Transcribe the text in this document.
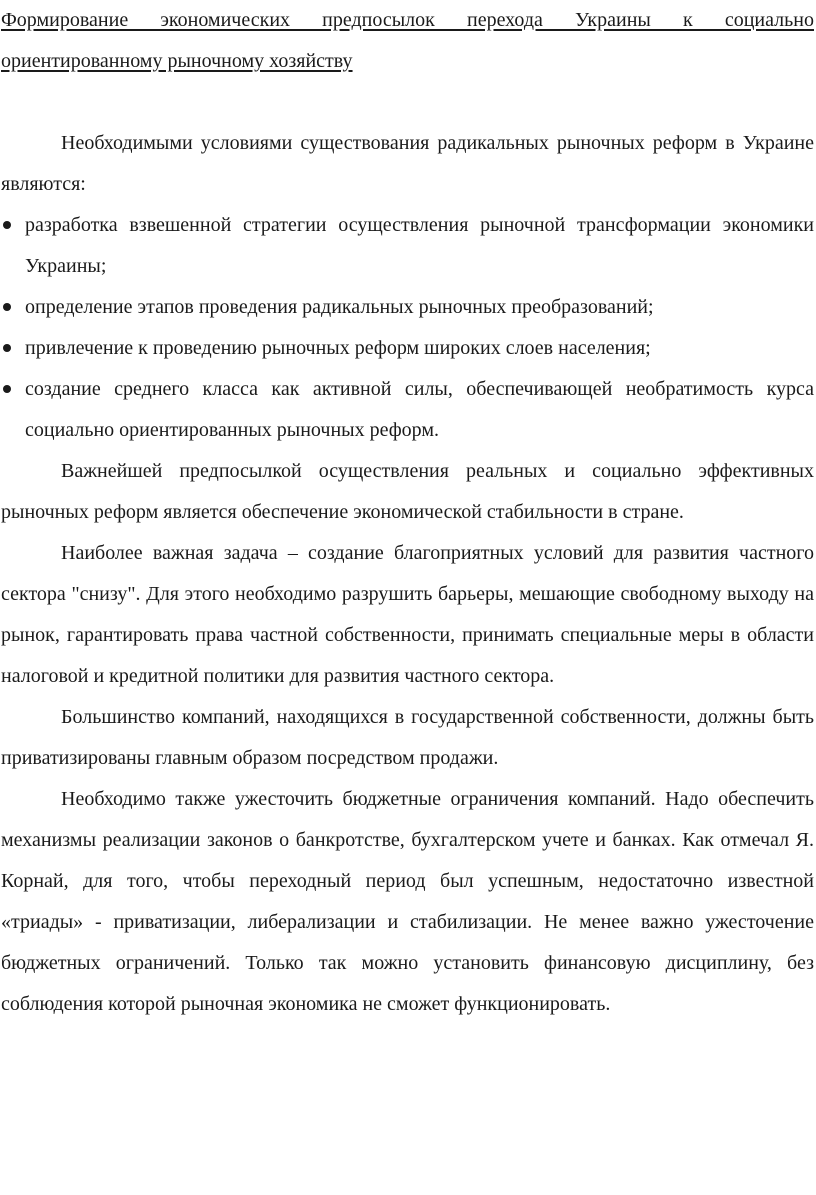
Формирование экономических предпосылок перехода Украины к социально ориентированному рыночному хозяйству

Необходимыми условиями существования радикальных рыночных реформ в Украине являются:

разработка взвешенной стратегии осуществления рыночной трансформации экономики Украины;
определение этапов проведения радикальных рыночных преобразований;
привлечение к проведению рыночных реформ широких слоев населения;
создание среднего класса как активной силы, обеспечивающей необратимость курса социально ориентированных рыночных реформ.

Важнейшей предпосылкой осуществления реальных и социально эффективных рыночных реформ является обеспечение экономической стабильности в стране.

Наиболее важная задача – создание благоприятных условий для развития частного сектора "снизу". Для этого необходимо разрушить барьеры, мешающие свободному выходу на рынок, гарантировать права частной собственности, принимать специальные меры в области налоговой и кредитной политики для развития частного сектора.

Большинство компаний, находящихся в государственной собственности, должны быть приватизированы главным образом посредством продажи.

Необходимо также ужесточить бюджетные ограничения компаний. Надо обеспечить механизмы реализации законов о банкротстве, бухгалтерском учете и банках. Как отмечал Я. Корнай, для того, чтобы переходный период был успешным, недостаточно известной «триады» - приватизации, либерализации и стабилизации. Не менее важно ужесточение бюджетных ограничений. Только так можно установить финансовую дисциплину, без соблюдения которой рыночная экономика не сможет функционировать.
